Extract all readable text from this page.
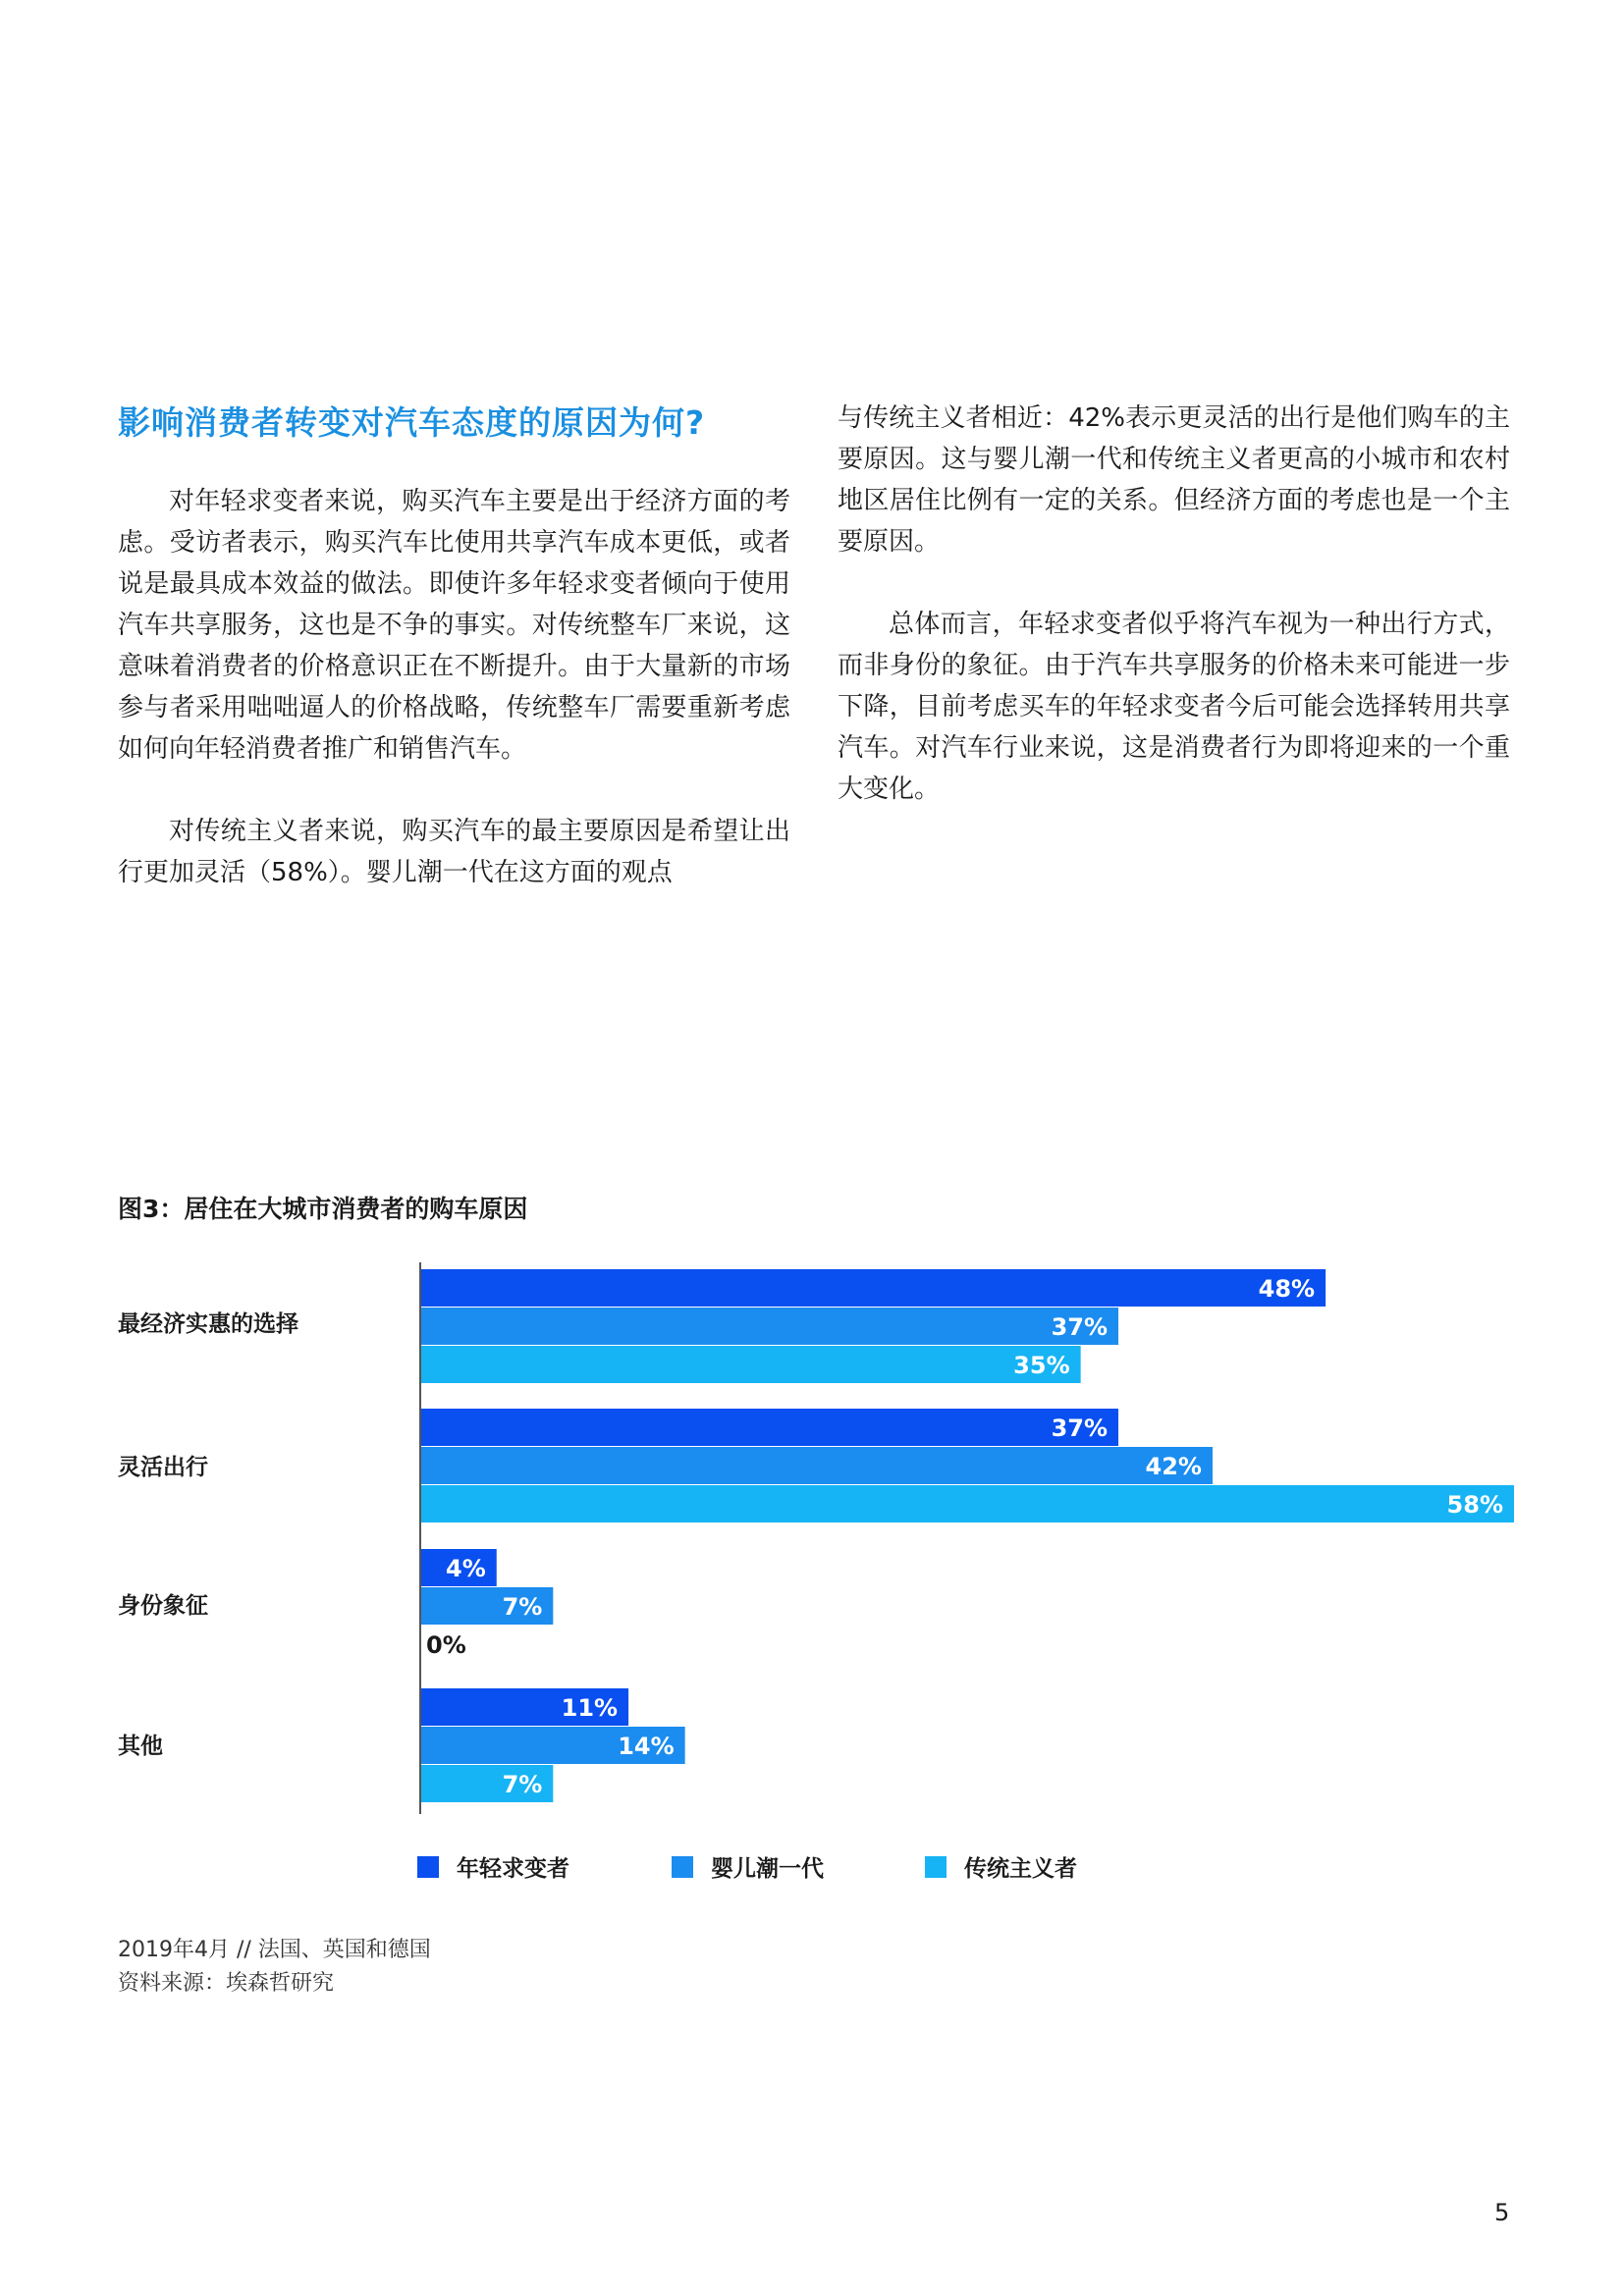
影响消费者转变对汽车态度的原因为何?

对年轻求变者来说，购买汽车主要是出于经济方面的考虑。受访者表示，购买汽车比使用共享汽车成本更低，或者说是最具成本效益的做法。即使许多年轻求变者倾向于使用汽车共享服务，这也是不争的事实。对传统整车厂来说，这意味着消费者的价格意识正在不断提升。由于大量新的市场参与者采用咄咄逼人的价格战略，传统整车厂需要重新考虑如何向年轻消费者推广和销售汽车。

对传统主义者来说，购买汽车的最主要原因是希望让出行更加灵活（58%）。婴儿潮一代在这方面的观点

与传统主义者相近：42%表示更灵活的出行是他们购车的主要原因。这与婴儿潮一代和传统主义者更高的小城市和农村地区居住比例有一定的关系。但经济方面的考虑也是一个主要原因。

总体而言，年轻求变者似乎将汽车视为一种出行方式，而非身份的象征。由于汽车共享服务的价格未来可能进一步下降，目前考虑买车的年轻求变者今后可能会选择转用共享汽车。对汽车行业来说，这是消费者行为即将迎来的一个重大变化。

图3：居住在大城市消费者的购车原因
最经济实惠的选择
灵活出行
身份象征
其他
48%
37%
35%
37%
42%
58%
4%
7%
0%
11%
14%
7%
年轻求变者	婴儿潮一代	传统主义者
2019年4月 // 法国、英国和德国
资料来源：埃森哲研究
5
